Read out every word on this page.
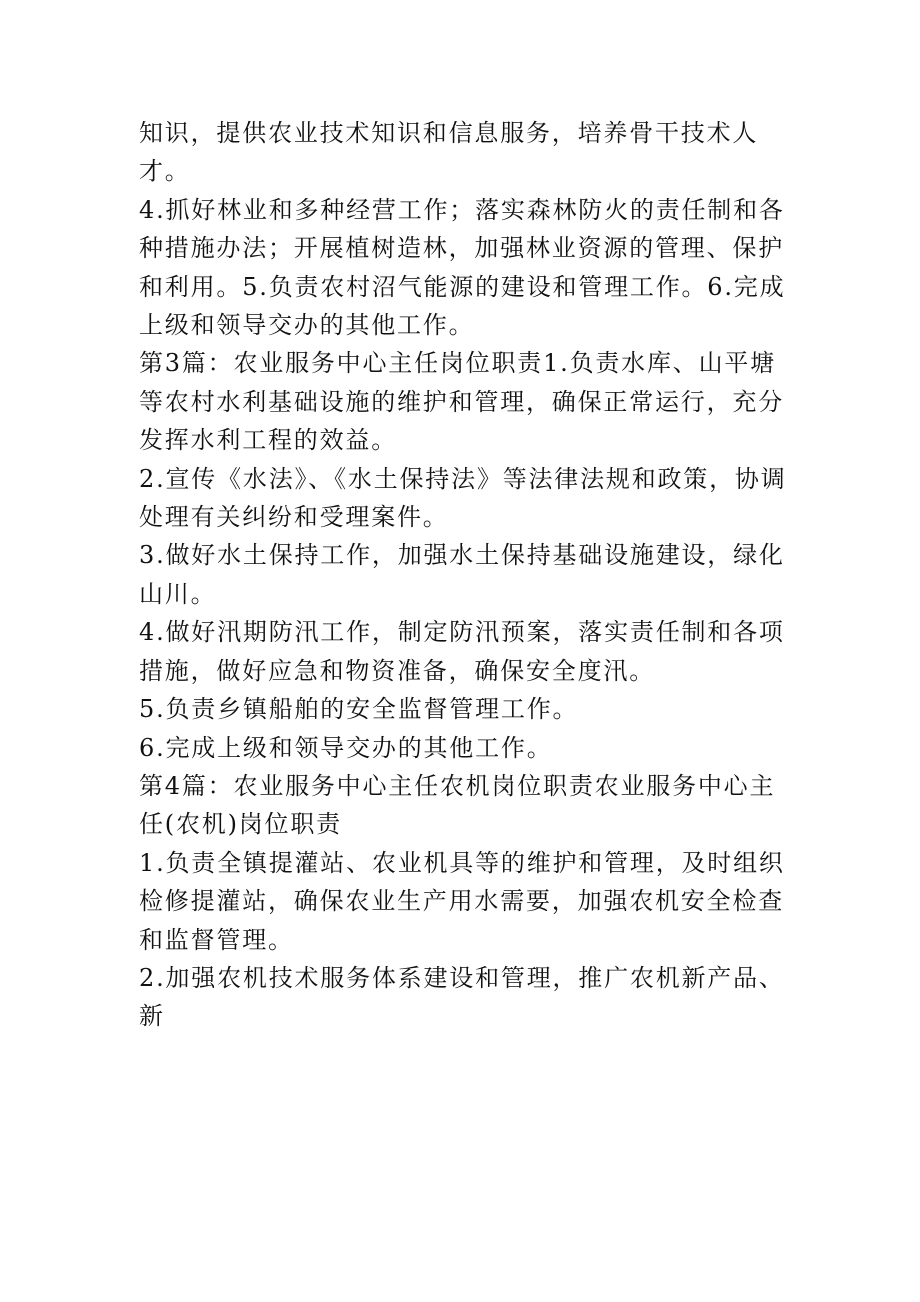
知识，提供农业技术知识和信息服务，培养骨干技术人才。

4.抓好林业和多种经营工作；落实森林防火的责任制和各种措施办法；开展植树造林，加强林业资源的管理、保护和利用。5.负责农村沼气能源的建设和管理工作。6.完成上级和领导交办的其他工作。

第3篇：农业服务中心主任岗位职责1.负责水库、山平塘等农村水利基础设施的维护和管理，确保正常运行，充分发挥水利工程的效益。

2.宣传《水法》、《水土保持法》等法律法规和政策，协调处理有关纠纷和受理案件。

3.做好水土保持工作，加强水土保持基础设施建设，绿化山川。

4.做好汛期防汛工作，制定防汛预案，落实责任制和各项措施，做好应急和物资准备，确保安全度汛。

5.负责乡镇船舶的安全监督管理工作。

6.完成上级和领导交办的其他工作。

第4篇：农业服务中心主任农机岗位职责农业服务中心主任(农机)岗位职责

1.负责全镇提灌站、农业机具等的维护和管理，及时组织检修提灌站，确保农业生产用水需要，加强农机安全检查和监督管理。

2.加强农机技术服务体系建设和管理，推广农机新产品、新
